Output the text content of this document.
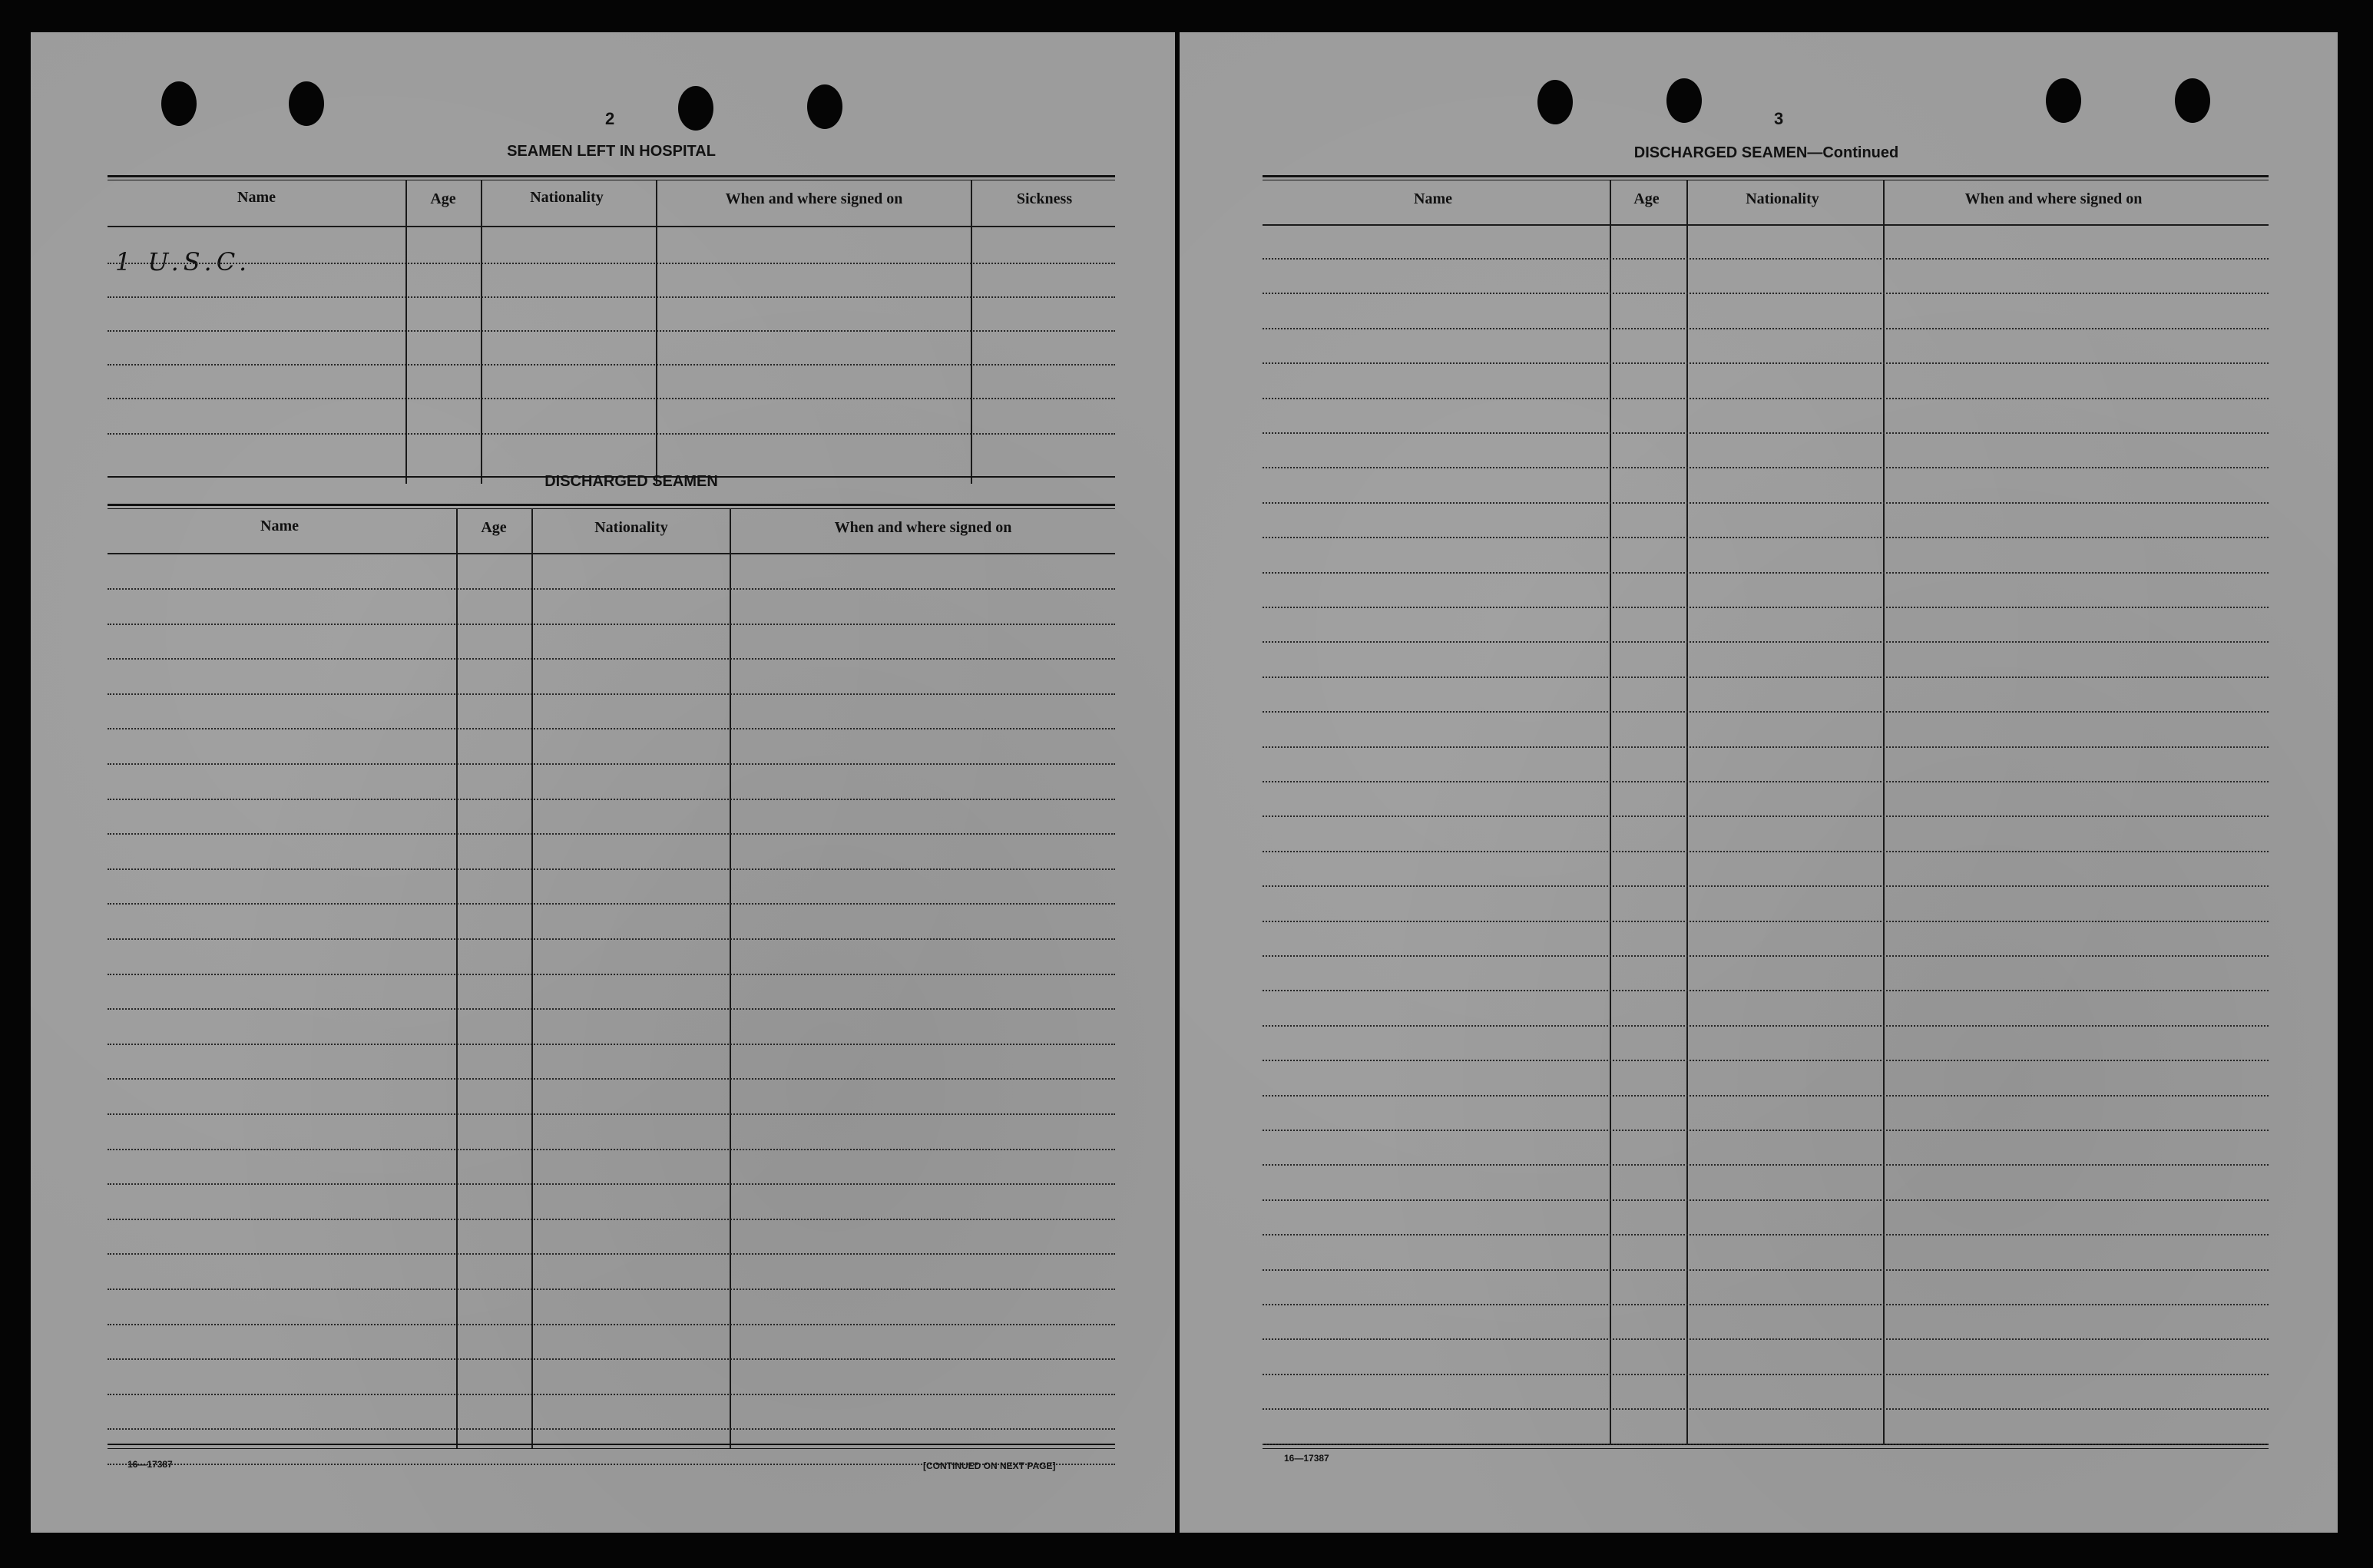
2
SEAMEN LEFT IN HOSPITAL
Name	Age	Nationality	When and where signed on	Sickness
1 U.S.C.
DISCHARGED SEAMEN
Name	Age	Nationality	When and where signed on
16—17387	[CONTINUED ON NEXT PAGE]
3
DISCHARGED SEAMEN—Continued
Name	Age	Nationality	When and where signed on
16—17387
